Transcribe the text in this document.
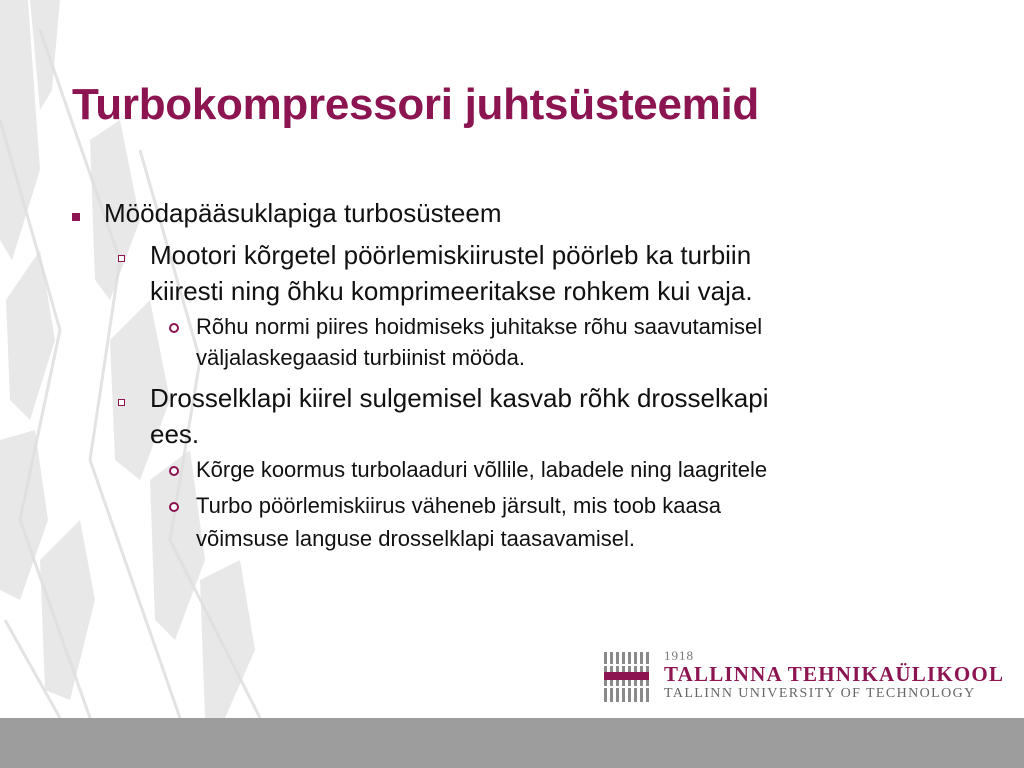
Turbokompressori juhtsüsteemid
Möödapääsuklapiga turbosüsteem
Mootori kõrgetel pöörlemiskiirustel pöörleb ka turbiin
kiiresti ning õhku komprimeeritakse rohkem kui vaja.
Rõhu normi piires hoidmiseks juhitakse rõhu saavutamisel
väljalaskegaasid turbiinist mööda.
Drosselklapi kiirel sulgemisel kasvab rõhk drosselkapi
ees.
Kõrge koormus turbolaaduri võllile, labadele ning laagritele
Turbo pöörlemiskiirus väheneb järsult, mis toob kaasa
võimsuse languse drosselklapi taasavamisel.
1918
TALLINNA TEHNIKAÜLIKOOL
TALLINN UNIVERSITY OF TECHNOLOGY
